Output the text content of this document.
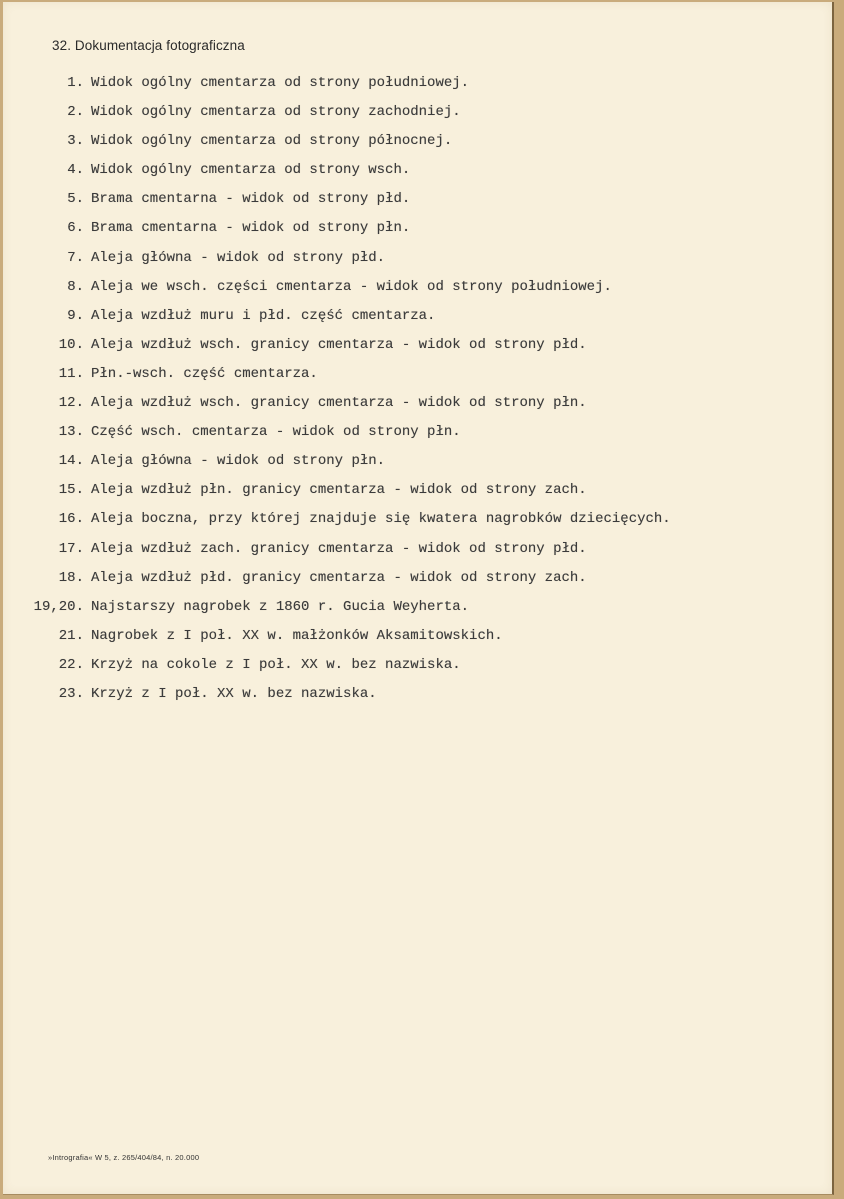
32. Dokumentacja fotograficzna
1. Widok ogólny cmentarza od strony południowej.
2. Widok ogólny cmentarza od strony zachodniej.
3. Widok ogólny cmentarza od strony północnej.
4. Widok ogólny cmentarza od strony wsch.
5. Brama cmentarna - widok od strony płd.
6. Brama cmentarna - widok od strony płn.
7. Aleja główna - widok od strony płd.
8. Aleja we wsch. części cmentarza - widok od strony południowej.
9. Aleja wzdłuż muru i płd. część cmentarza.
10. Aleja wzdłuż wsch. granicy cmentarza - widok od strony płd.
11. Płn.-wsch. część cmentarza.
12. Aleja wzdłuż wsch. granicy cmentarza - widok od strony płn.
13. Część wsch. cmentarza - widok od strony płn.
14. Aleja główna - widok od strony płn.
15. Aleja wzdłuż płn. granicy cmentarza - widok od strony zach.
16. Aleja boczna, przy której znajduje się kwatera nagrobków dziecięcych.
17. Aleja wzdłuż zach. granicy cmentarza - widok od strony płd.
18. Aleja wzdłuż płd. granicy cmentarza - widok od strony zach.
19,20. Najstarszy nagrobek z 1860 r. Gucia Weyherta.
21. Nagrobek z I poł. XX w. małżonków Aksamitowskich.
22. Krzyż na cokole z I poł. XX w. bez nazwiska.
23. Krzyż z I poł. XX w. bez nazwiska.
»Intrografia« W 5, z. 265/404/84, n. 20.000
